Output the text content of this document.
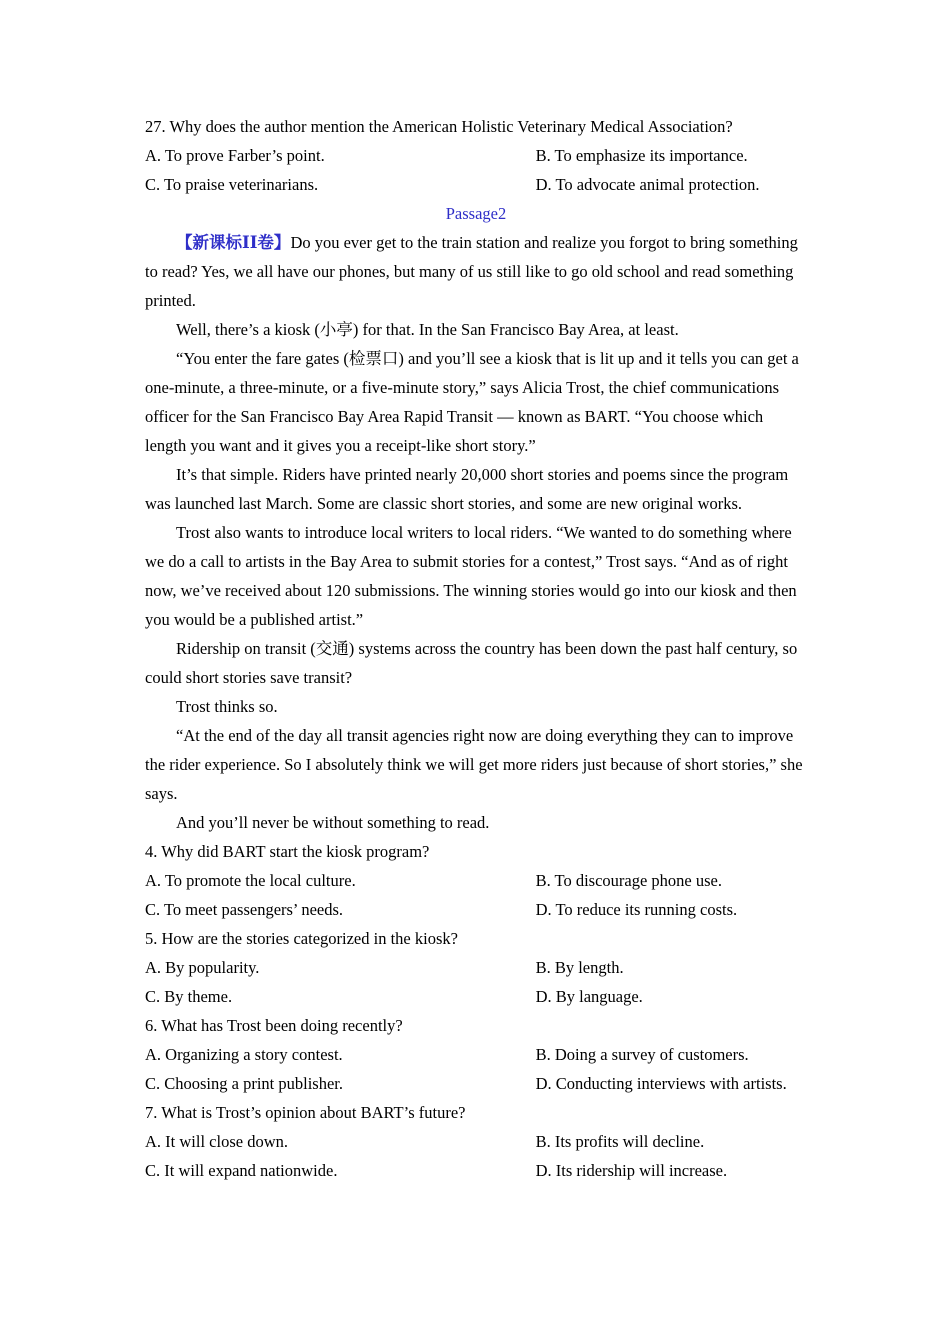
27. Why does the author mention the American Holistic Veterinary Medical Association?

A. To prove Farber’s point.	B. To emphasize its importance.
C. To praise veterinarians.	D. To advocate animal protection.

Passage2

【新课标ⅠⅠ卷】Do you ever get to the train station and realize you forgot to bring something to read? Yes, we all have our phones, but many of us still like to go old school and read something printed.

Well, there’s a kiosk (小亭) for that. In the San Francisco Bay Area, at least.

“You enter the fare gates (检票口) and you’ll see a kiosk that is lit up and it tells you can get a one-minute, a three-minute, or a five-minute story,” says Alicia Trost, the chief communications officer for the San Francisco Bay Area Rapid Transit — known as BART. “You choose which length you want and it gives you a receipt-like short story.”

It’s that simple. Riders have printed nearly 20,000 short stories and poems since the program was launched last March. Some are classic short stories, and some are new original works.

Trost also wants to introduce local writers to local riders. “We wanted to do something where we do a call to artists in the Bay Area to submit stories for a contest,” Trost says. “And as of right now, we’ve received about 120 submissions. The winning stories would go into our kiosk and then you would be a published artist.”

Ridership on transit (交通) systems across the country has been down the past half century, so could short stories save transit?

Trost thinks so.

“At the end of the day all transit agencies right now are doing everything they can to improve the rider experience. So I absolutely think we will get more riders just because of short stories,” she says.

And you’ll never be without something to read.

4. Why did BART start the kiosk program?

A. To promote the local culture.	B. To discourage phone use.
C. To meet passengers’ needs.	D. To reduce its running costs.

5. How are the stories categorized in the kiosk?

A. By popularity.	B. By length.
C. By theme.	D. By language.

6. What has Trost been doing recently?

A. Organizing a story contest.	B. Doing a survey of customers.
C. Choosing a print publisher.	D. Conducting interviews with artists.

7. What is Trost’s opinion about BART’s future?

A. It will close down.	B. Its profits will decline.
C. It will expand nationwide.	D. Its ridership will increase.
